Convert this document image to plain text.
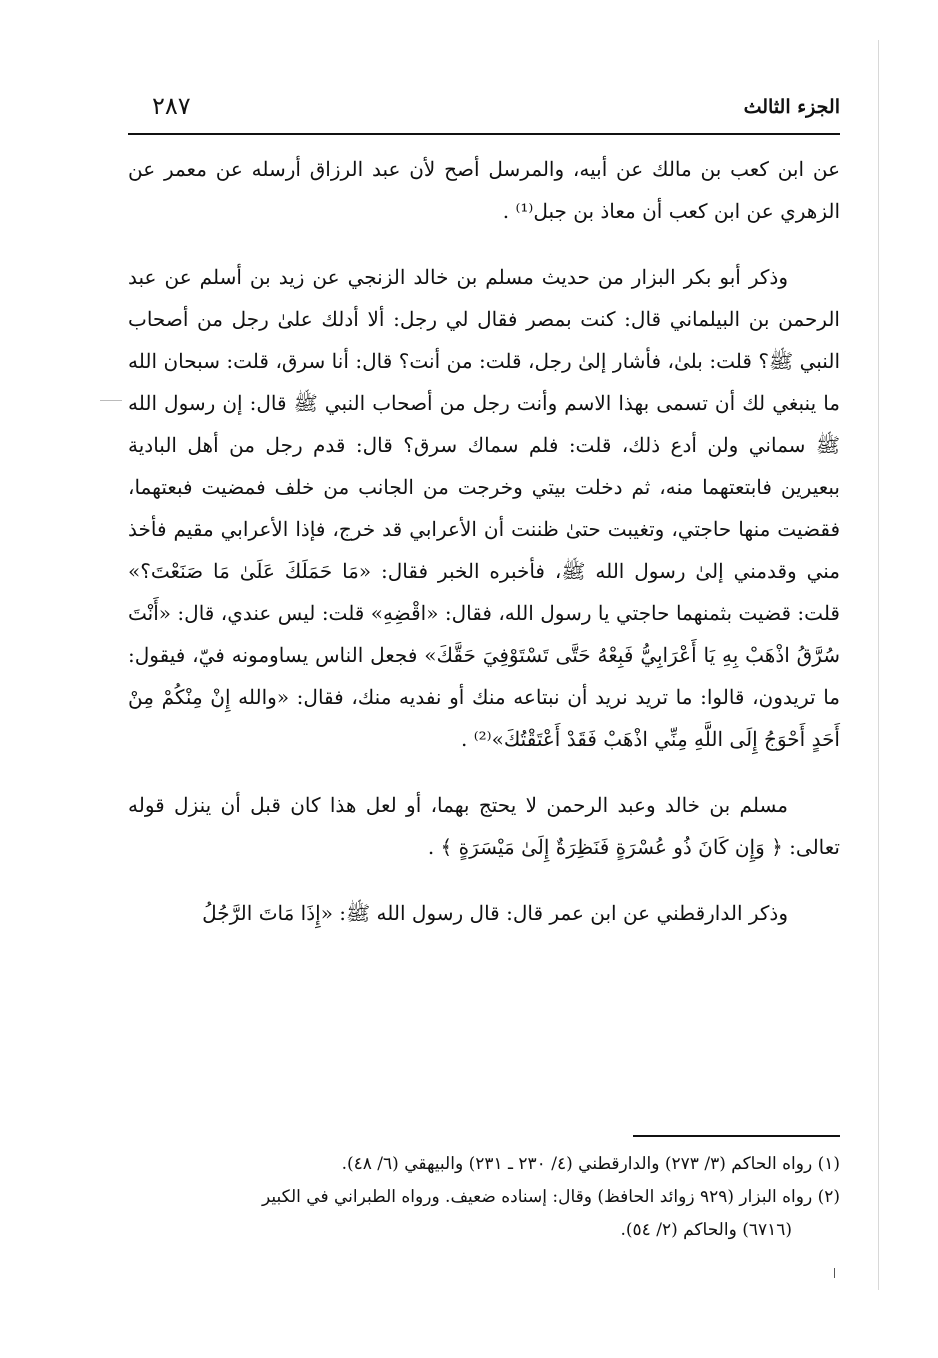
الجزء الثالث
٢٨٧

عن ابن كعب بن مالك عن أبيه، والمرسل أصح لأن عبد الرزاق أرسله عن معمر عن الزهري عن ابن كعب أن معاذ بن جبل⁽¹⁾ .

وذكر أبو بكر البزار من حديث مسلم بن خالد الزنجي عن زيد بن أسلم عن عبد الرحمن بن البيلماني قال: كنت بمصر فقال لي رجل: ألا أدلك علىٰ رجل من أصحاب النبي ﷺ؟ قلت: بلىٰ، فأشار إلىٰ رجل، قلت: من أنت؟ قال: أنا سرق، قلت: سبحان الله ما ينبغي لك أن تسمى بهذا الاسم وأنت رجل من أصحاب النبي ﷺ قال: إن رسول الله ﷺ سماني ولن أدع ذلك، قلت: فلم سماك سرق؟ قال: قدم رجل من أهل البادية ببعيرين فابتعتهما منه، ثم دخلت بيتي وخرجت من الجانب من خلف فمضيت فبعتهما، فقضيت منها حاجتي، وتغيبت حتىٰ ظننت أن الأعرابي قد خرج، فإذا الأعرابي مقيم فأخذ مني وقدمني إلىٰ رسول الله ﷺ، فأخبره الخبر فقال: «مَا حَمَلَكَ عَلَىٰ مَا صَنَعْتَ؟» قلت: قضيت بثمنهما حاجتي يا رسول الله، فقال: «اقْضِهِ» قلت: ليس عندي، قال: «أَنْتَ سُرَّقُ اذْهَبْ بِهِ يَا أَعْرَابِيُّ فَبِعْهُ حَتَّى تَسْتَوْفِيَ حَقَّكَ» فجعل الناس يساومونه فيّ، فيقول: ما تريدون، قالوا: ما تريد نريد أن نبتاعه منك أو نفديه منك، فقال: «والله إِنْ مِنْكُمْ مِنْ أَحَدٍ أَحْوَجُ إِلَى اللَّهِ مِنِّي اذْهَبْ فَقَدْ أَعْتَقْتُكَ»⁽²⁾ .

مسلم بن خالد وعبد الرحمن لا يحتج بهما، أو لعل هذا كان قبل أن ينزل قوله تعالى: ﴿ وَإِن كَانَ ذُو عُسْرَةٍ فَنَظِرَةٌ إِلَىٰ مَيْسَرَةٍ ﴾ .

وذكر الدارقطني عن ابن عمر قال: قال رسول الله ﷺ: «إِذَا مَاتَ الرَّجُلُ

(١) رواه الحاكم (٣/ ٢٧٣) والدارقطني (٤/ ٢٣٠ ـ ٢٣١) والبيهقي (٦/ ٤٨).

(٢) رواه البزار (٩٢٩ زوائد الحافظ) وقال: إسناده ضعيف. ورواه الطبراني في الكبير

(٦٧١٦) والحاكم (٢/ ٥٤).
